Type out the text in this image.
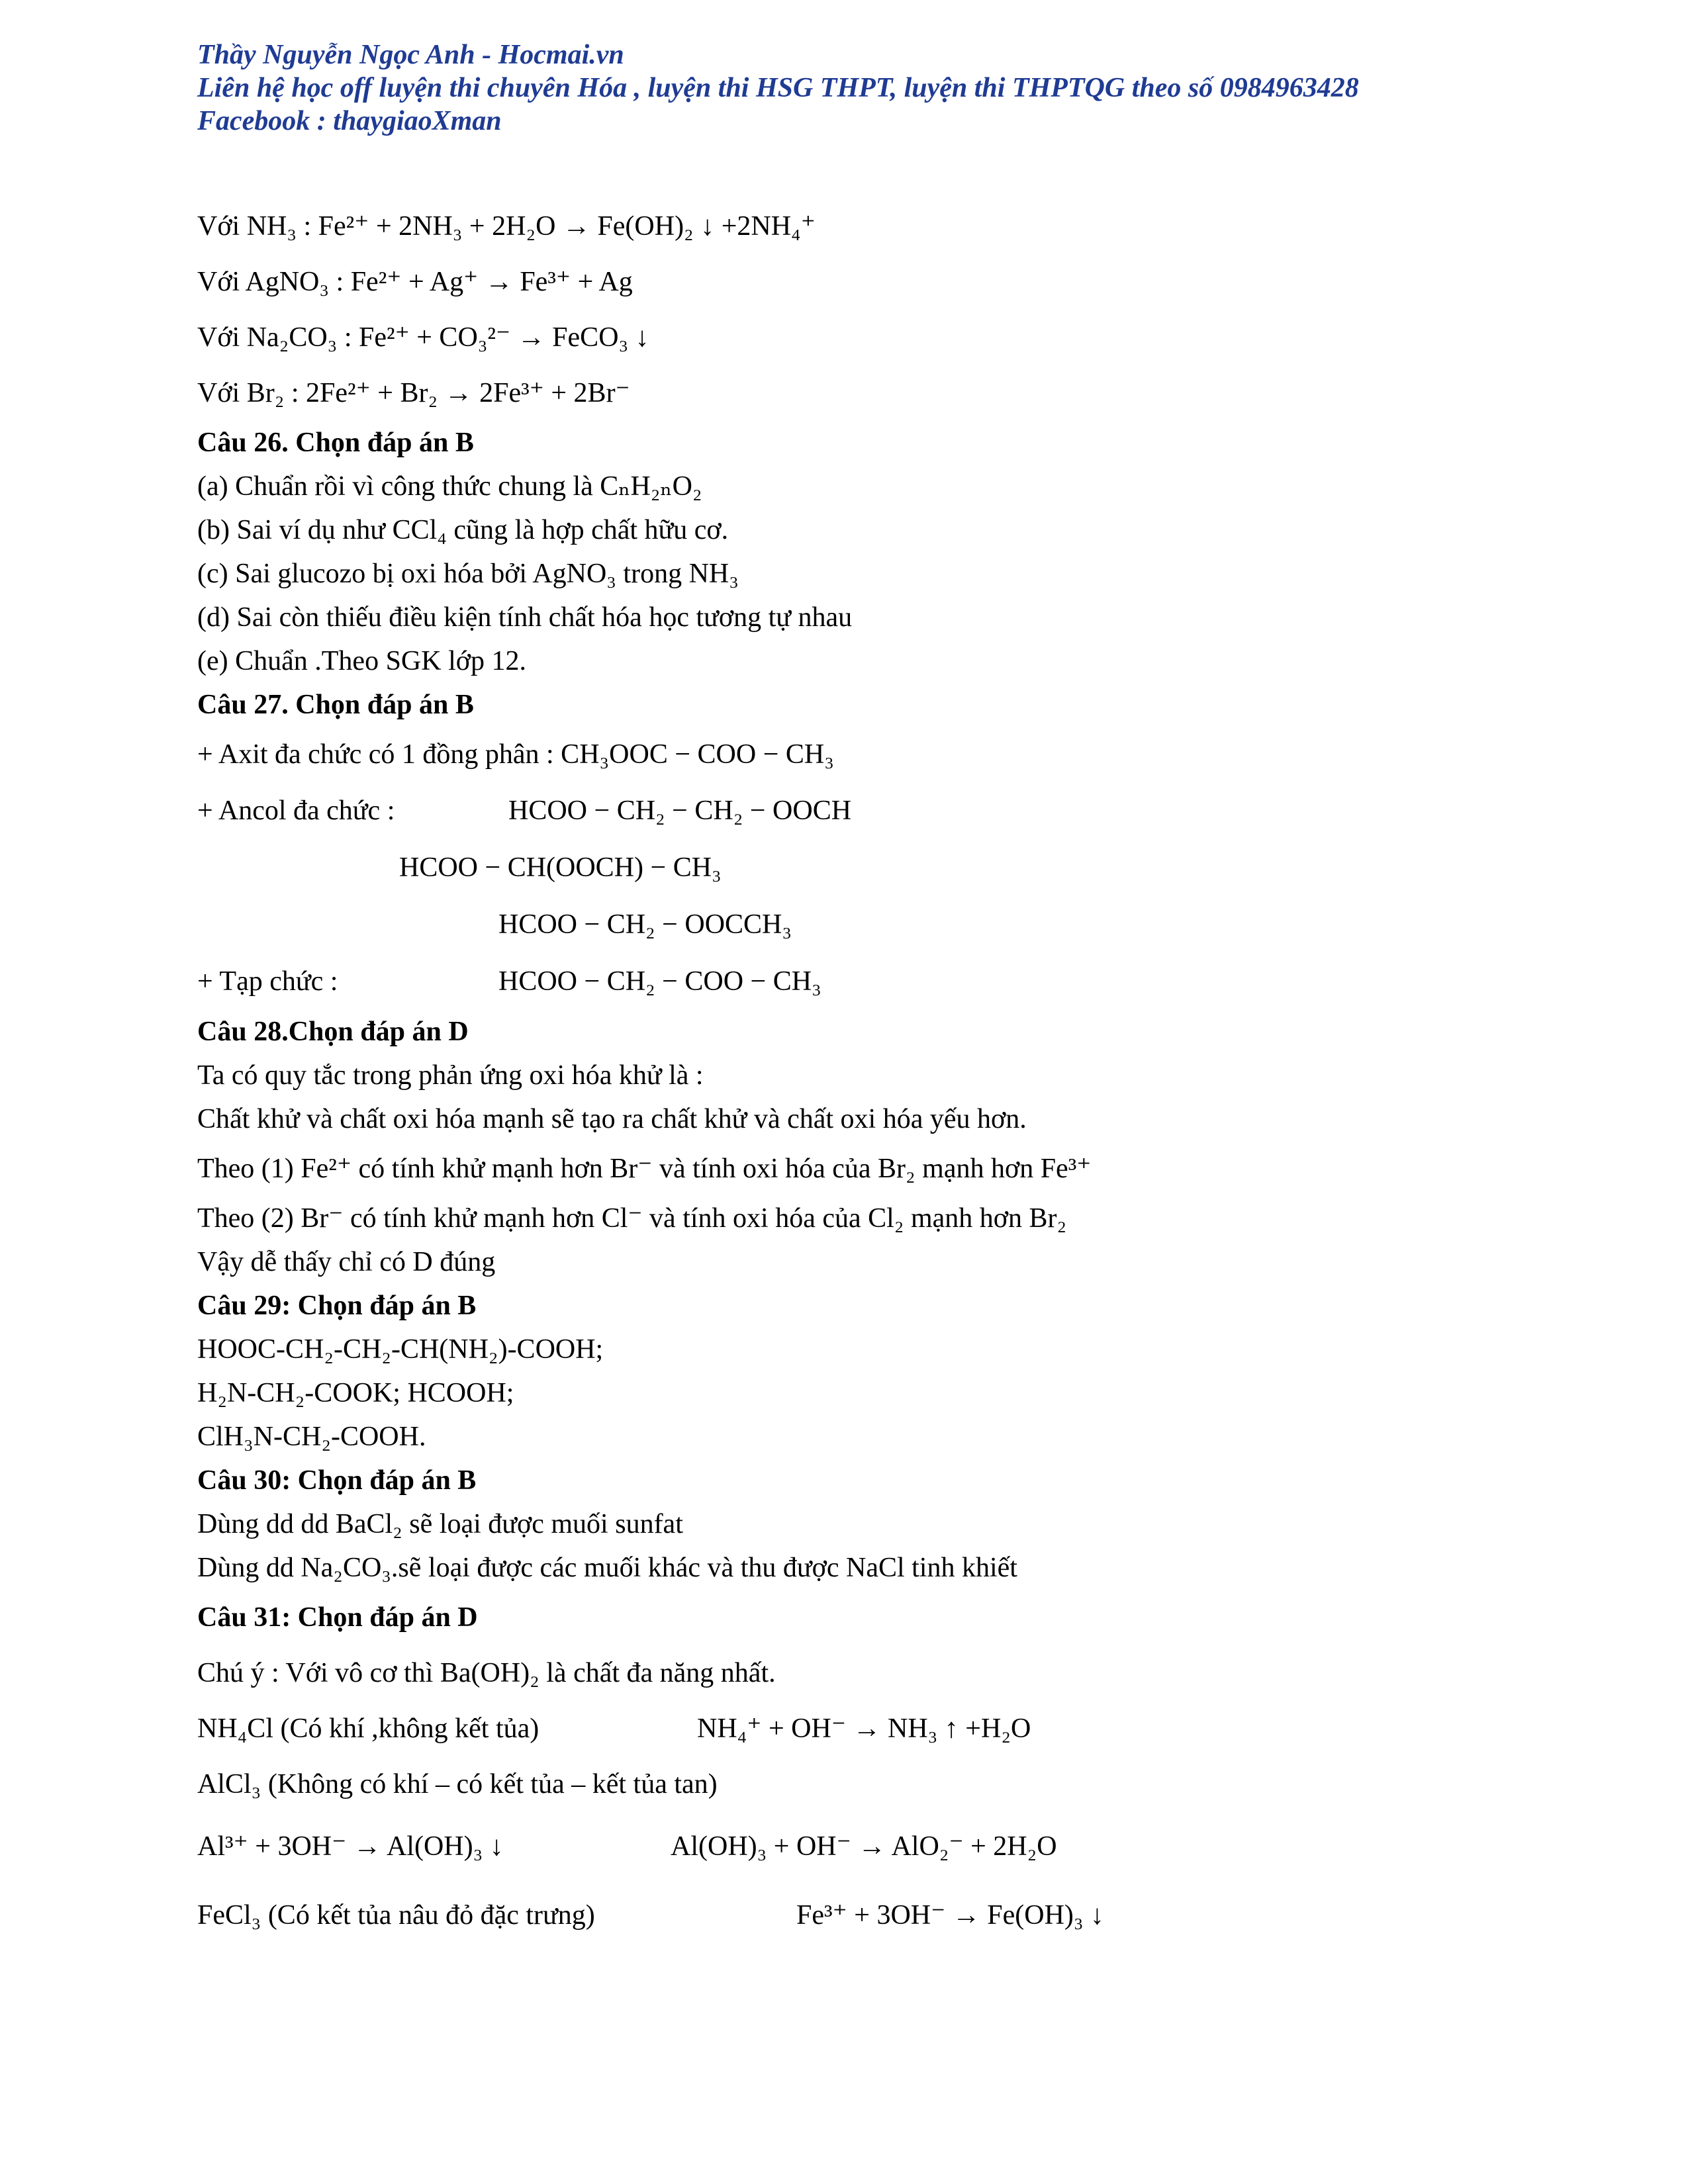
Thầy Nguyễn Ngọc Anh - Hocmai.vn
Liên hệ học off luyện thi chuyên Hóa , luyện thi HSG THPT, luyện thi THPTQG theo số 0984963428
Facebook : thaygiaoXman
Với NH₃ : Fe²⁺ + 2NH₃ + 2H₂O → Fe(OH)₂ ↓ +2NH₄⁺
Với AgNO₃ : Fe²⁺ + Ag⁺ → Fe³⁺ + Ag
Với Na₂CO₃ : Fe²⁺ + CO₃²⁻ → FeCO₃ ↓
Với Br₂ : 2Fe²⁺ + Br₂ → 2Fe³⁺ + 2Br⁻
Câu 26. Chọn đáp án B
(a) Chuẩn rồi vì công thức chung là CₙH₂ₙO₂
(b) Sai ví dụ như CCl₄ cũng là hợp chất hữu cơ.
(c) Sai glucozo bị oxi hóa bởi AgNO₃ trong NH₃
(d) Sai còn thiếu điều kiện tính chất hóa học tương tự nhau
(e) Chuẩn .Theo SGK lớp 12.
Câu 27. Chọn đáp án B
+ Axit đa chức có 1 đồng phân : CH₃OOC − COO − CH₃
+ Ancol đa chức :	HCOO − CH₂ − CH₂ − OOCH
HCOO − CH(OOCH) − CH₃
HCOO − CH₂ − OOCCH₃
+ Tạp chức :	HCOO − CH₂ − COO − CH₃
Câu 28.Chọn đáp án D
Ta có quy tắc trong phản ứng oxi hóa khử là :
Chất khử và chất oxi hóa mạnh sẽ tạo ra chất khử và chất oxi hóa yếu hơn.
Theo (1) Fe²⁺ có tính khử mạnh hơn Br⁻ và tính oxi hóa của Br₂ mạnh hơn Fe³⁺
Theo (2) Br⁻ có tính khử mạnh hơn Cl⁻ và tính oxi hóa của Cl₂ mạnh hơn Br₂
Vậy dễ thấy chỉ có D đúng
Câu 29: Chọn đáp án B
HOOC-CH₂-CH₂-CH(NH₂)-COOH;
H₂N-CH₂-COOK; HCOOH;
ClH₃N-CH₂-COOH.
Câu 30: Chọn đáp án B
Dùng dd dd BaCl₂ sẽ loại được muối sunfat
Dùng dd Na₂CO₃.sẽ loại được các muối khác và thu được NaCl tinh khiết
Câu 31: Chọn đáp án D
Chú ý : Với vô cơ thì Ba(OH)₂ là chất đa năng nhất.
NH₄Cl (Có khí ,không kết tủa)	NH₄⁺ + OH⁻ → NH₃ ↑ +H₂O
AlCl₃ (Không có khí – có kết tủa – kết tủa tan)
Al³⁺ + 3OH⁻ → Al(OH)₃ ↓	Al(OH)₃ + OH⁻ → AlO₂⁻ + 2H₂O
FeCl₃ (Có kết tủa nâu đỏ đặc trưng)	Fe³⁺ + 3OH⁻ → Fe(OH)₃ ↓
